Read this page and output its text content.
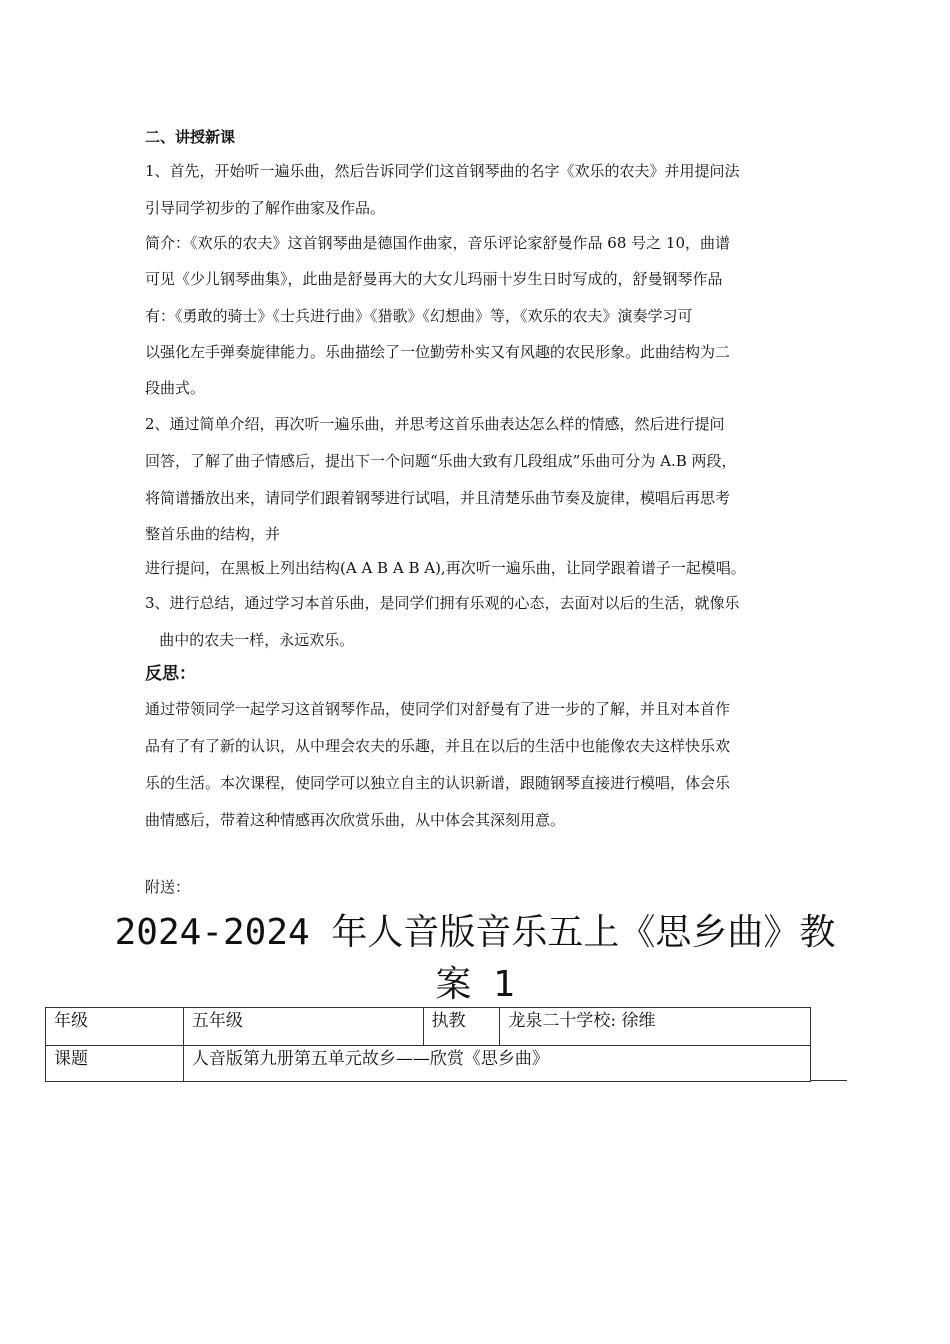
二、讲授新课
1、首先，开始听一遍乐曲，然后告诉同学们这首钢琴曲的名字《欢乐的农夫》并用提问法
引导同学初步的了解作曲家及作品。
简介：《欢乐的农夫》这首钢琴曲是德国作曲家，音乐评论家舒曼作品 68 号之 10，曲谱
可见《少儿钢琴曲集》，此曲是舒曼再大的大女儿玛丽十岁生日时写成的，舒曼钢琴作品
有：《勇敢的骑士》《士兵进行曲》《猎歌》《幻想曲》等，《欢乐的农夫》演奏学习可
以强化左手弹奏旋律能力。乐曲描绘了一位勤劳朴实又有风趣的农民形象。此曲结构为二
段曲式。
2、通过简单介绍，再次听一遍乐曲，并思考这首乐曲表达怎么样的情感，然后进行提问
回答，了解了曲子情感后，提出下一个问题“乐曲大致有几段组成”乐曲可分为 A.B 两段，
将简谱播放出来，请同学们跟着钢琴进行试唱，并且清楚乐曲节奏及旋律，模唱后再思考
整首乐曲的结构，并
进行提问，在黑板上列出结构(A A B A B A),再次听一遍乐曲，让同学跟着谱子一起模唱。
3、进行总结，通过学习本首乐曲，是同学们拥有乐观的心态，去面对以后的生活，就像乐
曲中的农夫一样，永远欢乐。
反思：
通过带领同学一起学习这首钢琴作品，使同学们对舒曼有了进一步的了解，并且对本首作
品有了有了新的认识，从中理会农夫的乐趣，并且在以后的生活中也能像农夫这样快乐欢
乐的生活。本次课程，使同学可以独立自主的认识新谱，跟随钢琴直接进行模唱，体会乐
曲情感后，带着这种情感再次欣赏乐曲，从中体会其深刻用意。
附送：
2024-2024 年人音版音乐五上《思乡曲》教
案 1
年级	五年级	执教	龙泉二十学校: 徐维
课题	人音版第九册第五单元故乡——欣赏《思乡曲》		
